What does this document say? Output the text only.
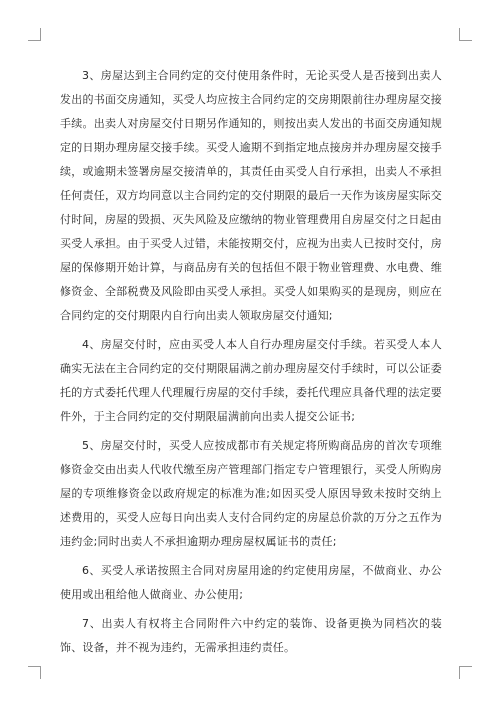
3、房屋达到主合同约定的交付使用条件时，无论买受人是否接到出卖人发出的书面交房通知，买受人均应按主合同约定的交房期限前往办理房屋交接手续。出卖人对房屋交付日期另作通知的，则按出卖人发出的书面交房通知规定的日期办理房屋交接手续。买受人逾期不到指定地点接房并办理房屋交接手续，或逾期未签署房屋交接清单的，其责任由买受人自行承担，出卖人不承担任何责任，双方均同意以主合同约定的交付期限的最后一天作为该房屋实际交付时间，房屋的毁损、灭失风险及应缴纳的物业管理费用自房屋交付之日起由买受人承担。由于买受人过错，未能按期交付，应视为出卖人已按时交付，房屋的保修期开始计算，与商品房有关的包括但不限于物业管理费、水电费、维修资金、全部税费及风险即由买受人承担。买受人如果购买的是现房，则应在合同约定的交付期限内自行向出卖人领取房屋交付通知;

4、房屋交付时，应由买受人本人自行办理房屋交付手续。若买受人本人确实无法在主合同约定的交付期限届满之前办理房屋交付手续时，可以公证委托的方式委托代理人代理履行房屋的交付手续，委托代理应具备代理的法定要件外，于主合同约定的交付期限届满前向出卖人提交公证书;

5、房屋交付时，买受人应按成都市有关规定将所购商品房的首次专项维修资金交由出卖人代收代缴至房产管理部门指定专户管理银行，买受人所购房屋的专项维修资金以政府规定的标准为准;如因买受人原因导致未按时交纳上述费用的，买受人应每日向出卖人支付合同约定的房屋总价款的万分之五作为违约金;同时出卖人不承担逾期办理房屋权属证书的责任;

6、买受人承诺按照主合同对房屋用途的约定使用房屋，不做商业、办公使用或出租给他人做商业、办公使用;

7、出卖人有权将主合同附件六中约定的装饰、设备更换为同档次的装饰、设备，并不视为违约，无需承担违约责任。
